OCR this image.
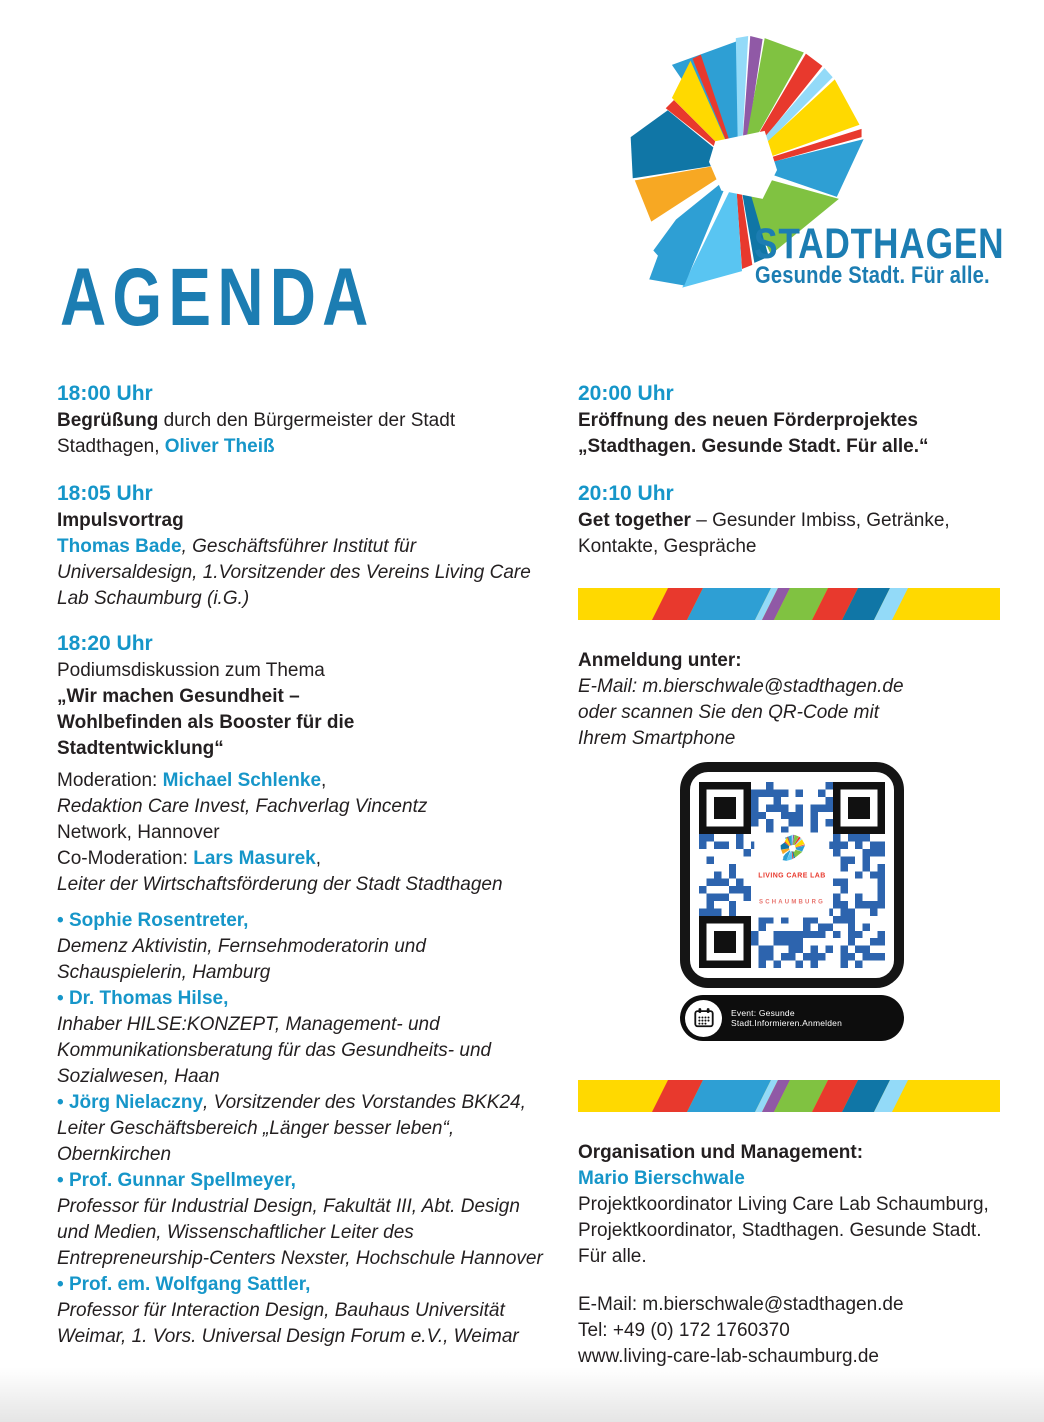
AGENDA
STADTHAGEN
Gesunde Stadt. Für alle.
18:00 Uhr

Begrüßung durch den Bürgermeister der Stadt Stadthagen, Oliver Theiß

18:05 Uhr
Impulsvortrag

Thomas Bade, Geschäftsführer Institut für Universaldesign, 1.Vorsitzender des Vereins Living Care Lab Schaumburg (i.G.)

18:20 Uhr
Podiumsdiskussion zum Thema
„Wir machen Gesundheit –
Wohlbefinden als Booster für die
Stadtentwicklung“
Moderation: Michael Schlenke,
Redaktion Care Invest, Fachverlag Vincentz
Network, Hannover
Co-Moderation: Lars Masurek,
Leiter der Wirtschaftsförderung der Stadt Stadthagen
• Sophie Rosentreter,
Demenz Aktivistin, Fernsehmoderatorin und Schauspielerin, Hamburg
• Dr. Thomas Hilse,
Inhaber HILSE:KONZEPT, Management- und Kommunikationsberatung für das Gesundheits- und Sozialwesen, Haan
• Jörg Nielaczny, Vorsitzender des Vorstandes BKK24, Leiter Geschäftsbereich „Länger besser leben“, Obernkirchen
• Prof. Gunnar Spellmeyer,
Professor für Industrial Design, Fakultät III, Abt. Design und Medien, Wissenschaftlicher Leiter des Entrepreneurship-Centers Nexster, Hochschule Hannover
• Prof. em. Wolfgang Sattler,
Professor für Interaction Design, Bauhaus Universität Weimar, 1. Vors. Universal Design Forum e.V., Weimar
20:00 Uhr
Eröffnung des neuen Förderprojektes
„Stadthagen. Gesunde Stadt. Für alle.“
20:10 Uhr

Get together – Gesunder Imbiss, Getränke, Kontakte, Gespräche

Anmeldung unter:
E-Mail: m.bierschwale@stadthagen.de
oder scannen Sie den QR-Code mit
Ihrem Smartphone
LIVING CARE LAB
SCHAUMBURG
Event: Gesunde Stadt.Informieren.Anmelden
Organisation und Management:
Mario Bierschwale
Projektkoordinator Living Care Lab Schaumburg,
Projektkoordinator, Stadthagen. Gesunde Stadt. Für alle.
E-Mail: m.bierschwale@stadthagen.de
Tel: +49 (0) 172 1760370
www.living-care-lab-schaumburg.de
